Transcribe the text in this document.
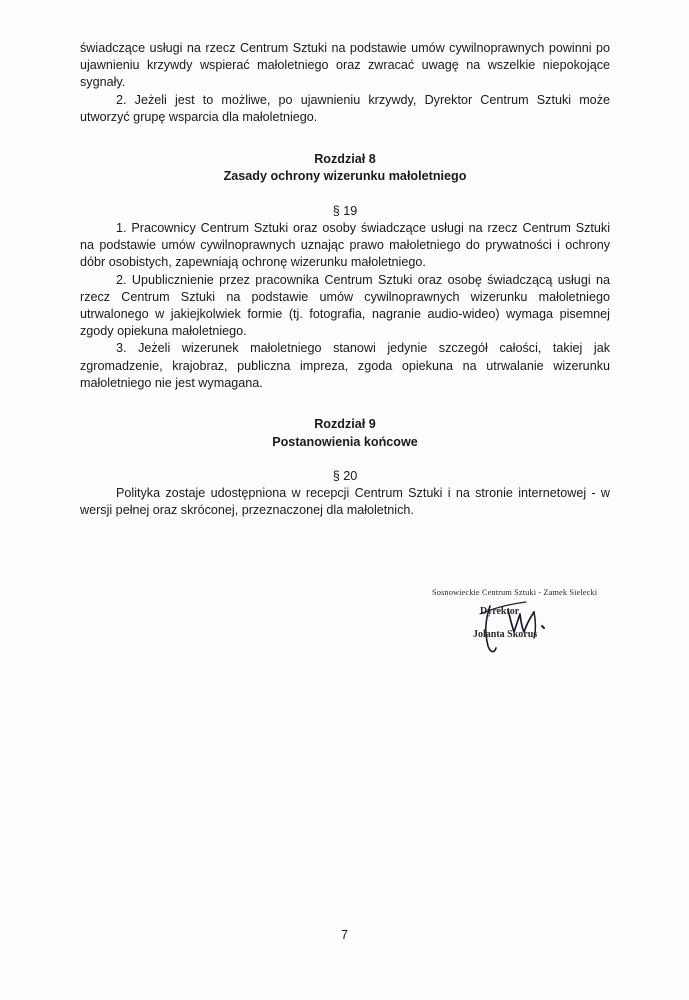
świadczące usługi na rzecz Centrum Sztuki na podstawie umów cywilnoprawnych powinni po ujawnieniu krzywdy wspierać małoletniego oraz zwracać uwagę na wszelkie niepokojące sygnały.

2. Jeżeli jest to możliwe, po ujawnieniu krzywdy, Dyrektor Centrum Sztuki może utworzyć grupę wsparcia dla małoletniego.

Rozdział 8
Zasady ochrony wizerunku małoletniego
§ 19

1. Pracownicy Centrum Sztuki oraz osoby świadczące usługi na rzecz Centrum Sztuki na podstawie umów cywilnoprawnych uznając prawo małoletniego do prywatności i ochrony dóbr osobistych, zapewniają ochronę wizerunku małoletniego.

2. Upublicznienie przez pracownika Centrum Sztuki oraz osobę świadczącą usługi na rzecz Centrum Sztuki na podstawie umów cywilnoprawnych wizerunku małoletniego utrwalonego w jakiejkolwiek formie (tj. fotografia, nagranie audio-wideo) wymaga pisemnej zgody opiekuna małoletniego.

3. Jeżeli wizerunek małoletniego stanowi jedynie szczegół całości, takiej jak zgromadzenie, krajobraz, publiczna impreza, zgoda opiekuna na utrwalanie wizerunku małoletniego nie jest wymagana.

Rozdział 9
Postanowienia końcowe
§ 20

Polityka zostaje udostępniona w recepcji Centrum Sztuki i na stronie internetowej - w wersji pełnej oraz skróconej, przeznaczonej dla małoletnich.

Sosnowieckie Centrum Sztuki - Zamek Sielecki
Dyrektor
Jolanta Skorus
7
